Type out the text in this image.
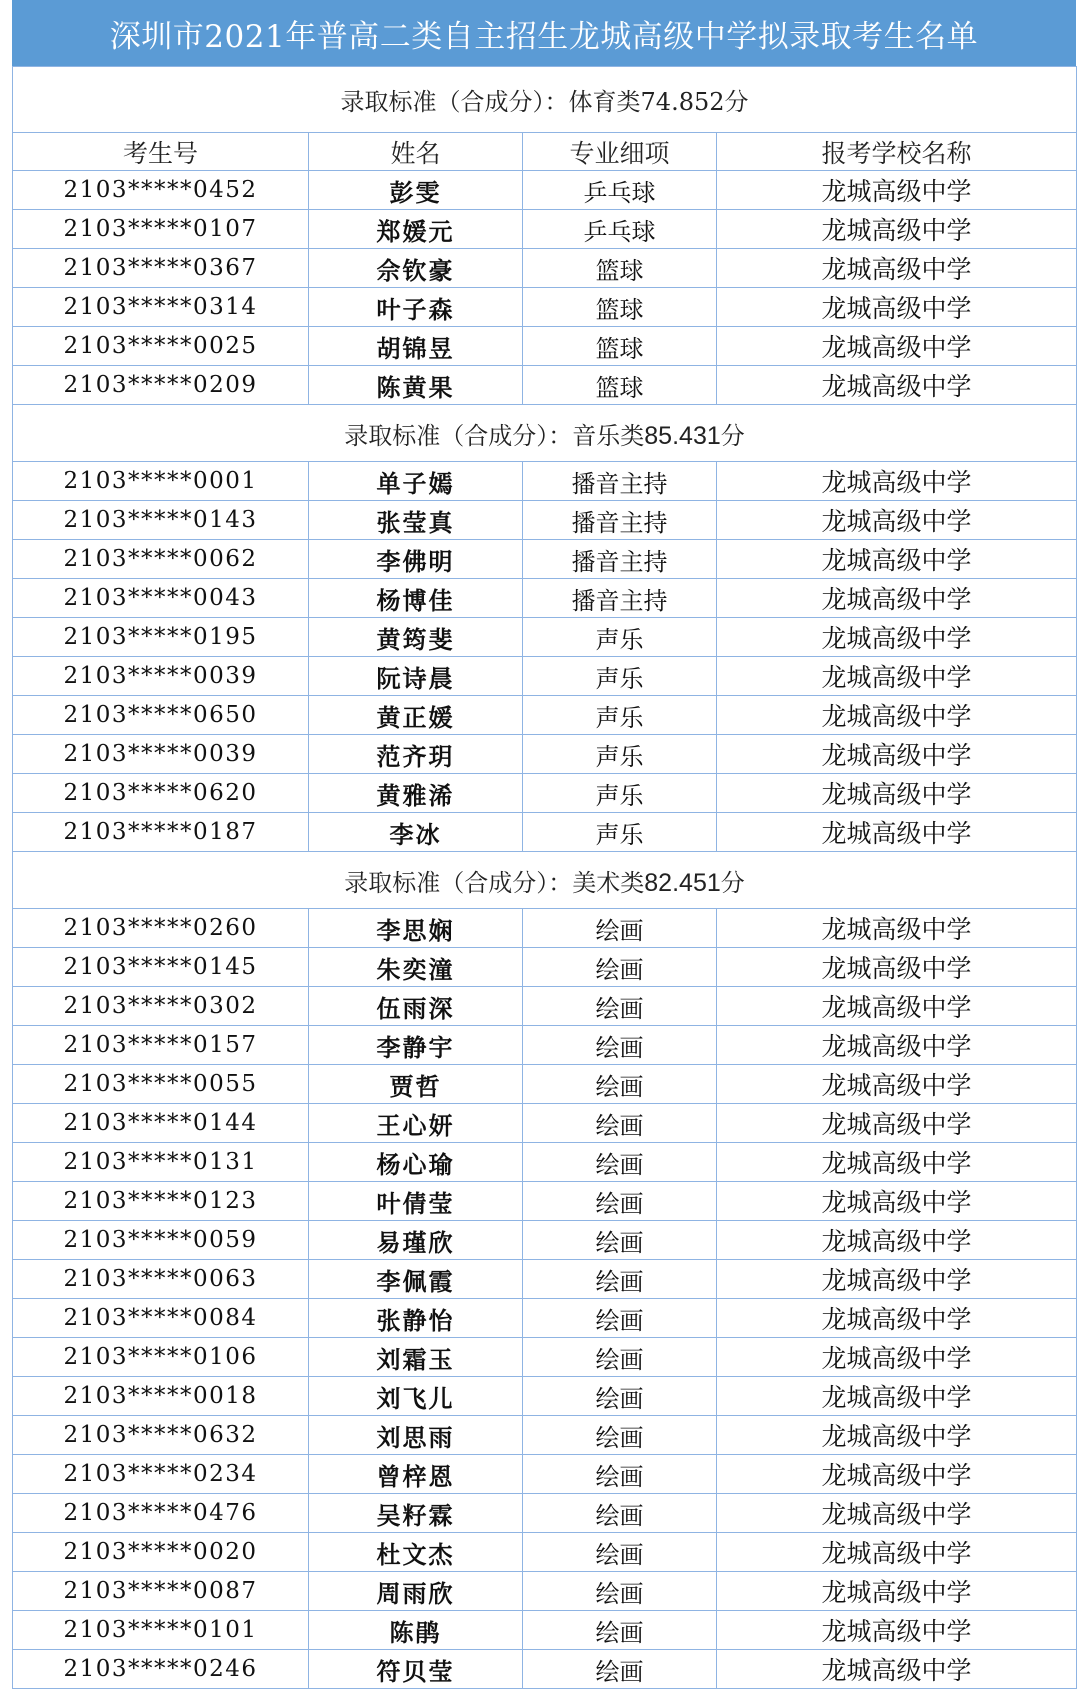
深圳市2021年普高二类自主招生龙城高级中学拟录取考生名单
录取标准（合成分）：体育类74.852分			
考生号	姓名	专业细项	报考学校名称
2103*****0452	彭雯	乒乓球	龙城高级中学
2103*****0107	郑媛元	乒乓球	龙城高级中学
2103*****0367	佘钦豪	篮球	龙城高级中学
2103*****0314	叶子森	篮球	龙城高级中学
2103*****0025	胡锦昱	篮球	龙城高级中学
2103*****0209	陈黄果	篮球	龙城高级中学
录取标准（合成分）：音乐类85.431分			
2103*****0001	单子嫣	播音主持	龙城高级中学
2103*****0143	张莹真	播音主持	龙城高级中学
2103*****0062	李佛明	播音主持	龙城高级中学
2103*****0043	杨博佳	播音主持	龙城高级中学
2103*****0195	黄筠斐	声乐	龙城高级中学
2103*****0039	阮诗晨	声乐	龙城高级中学
2103*****0650	黄正媛	声乐	龙城高级中学
2103*****0039	范齐玥	声乐	龙城高级中学
2103*****0620	黄雅浠	声乐	龙城高级中学
2103*****0187	李冰	声乐	龙城高级中学
录取标准（合成分）：美术类82.451分			
2103*****0260	李思娴	绘画	龙城高级中学
2103*****0145	朱奕潼	绘画	龙城高级中学
2103*****0302	伍雨深	绘画	龙城高级中学
2103*****0157	李静宇	绘画	龙城高级中学
2103*****0055	贾哲	绘画	龙城高级中学
2103*****0144	王心妍	绘画	龙城高级中学
2103*****0131	杨心瑜	绘画	龙城高级中学
2103*****0123	叶倩莹	绘画	龙城高级中学
2103*****0059	易瑾欣	绘画	龙城高级中学
2103*****0063	李佩霞	绘画	龙城高级中学
2103*****0084	张静怡	绘画	龙城高级中学
2103*****0106	刘霜玉	绘画	龙城高级中学
2103*****0018	刘飞儿	绘画	龙城高级中学
2103*****0632	刘思雨	绘画	龙城高级中学
2103*****0234	曾梓恩	绘画	龙城高级中学
2103*****0476	吴籽霖	绘画	龙城高级中学
2103*****0020	杜文杰	绘画	龙城高级中学
2103*****0087	周雨欣	绘画	龙城高级中学
2103*****0101	陈鹃	绘画	龙城高级中学
2103*****0246	符贝莹	绘画	龙城高级中学
